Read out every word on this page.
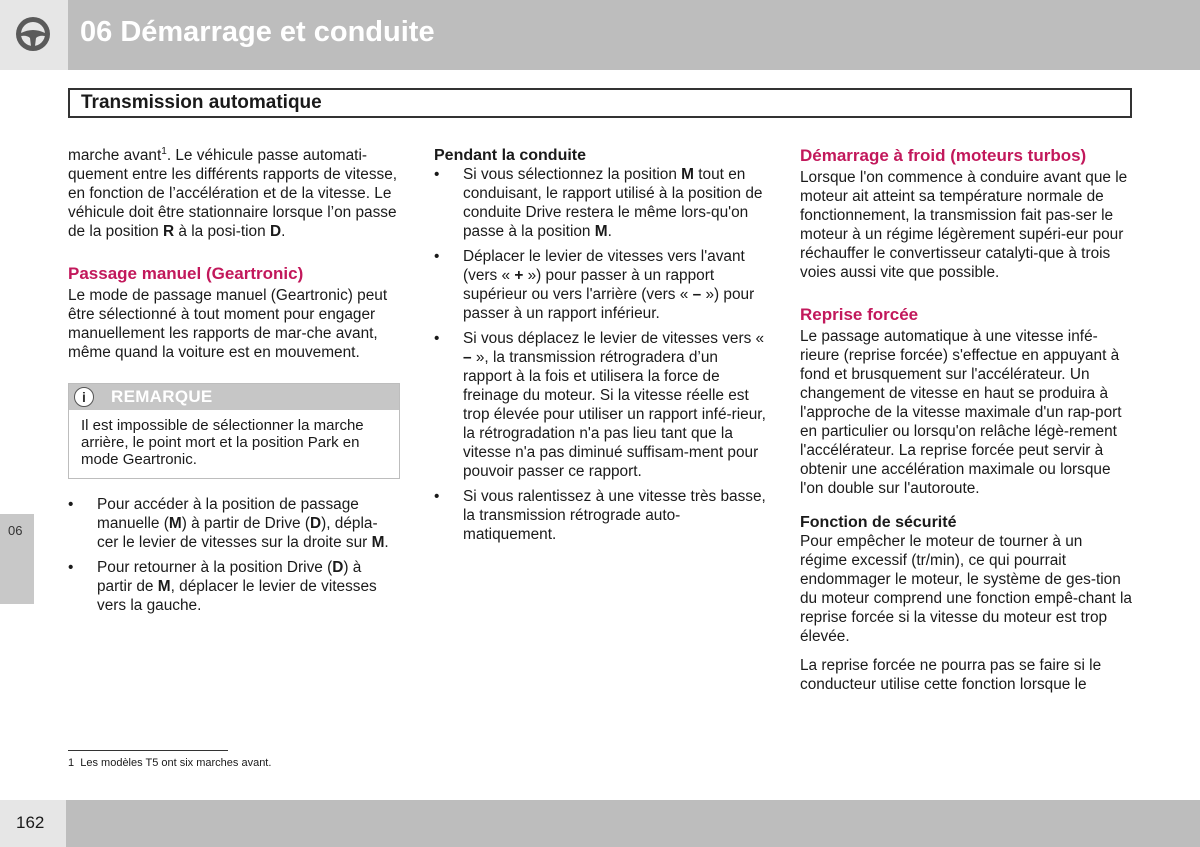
06 Démarrage et conduite
Transmission automatique

marche avant$^1$. Le véhicule passe automati- quement entre les différents rapports de vitesse, en fonction de l’accélération et de la vitesse. Le véhicule doit être stationnaire lorsque l’on passe de la position R à la posi-tion D.

Passage manuel (Geartronic)

Le mode de passage manuel (Geartronic) peut être sélectionné à tout moment pour engager manuellement les rapports de mar-che avant, même quand la voiture est en mouvement.

i	REMARQUE
Il est impossible de sélectionner la marche arrière, le point mort et la position Park en mode Geartronic.
• Pour accéder à la position de passage manuelle (M) à partir de Drive (D), dépla-cer le levier de vitesses sur la droite sur M.
• Pour retourner à la position Drive (D) à partir de M, déplacer le levier de vitesses vers la gauche.

Pendant la conduite

• Si vous sélectionnez la position M tout en conduisant, le rapport utilisé à la position de conduite Drive restera le même lors-qu'on passe à la position M.
• Déplacer le levier de vitesses vers l'avant (vers « + ») pour passer à un rapport supérieur ou vers l'arrière (vers « – ») pour passer à un rapport inférieur.
• Si vous déplacez le levier de vitesses vers « – », la transmission rétrogradera d’un rapport à la fois et utilisera la force de freinage du moteur. Si la vitesse réelle est trop élevée pour utiliser un rapport infé-rieur, la rétrogradation n'a pas lieu tant que la vitesse n'a pas diminué suffisam-ment pour pouvoir passer ce rapport.
• Si vous ralentissez à une vitesse très basse, la transmission rétrograde auto-matiquement.

Démarrage à froid (moteurs turbos)

Lorsque l'on commence à conduire avant que le moteur ait atteint sa température normale de fonctionnement, la transmission fait pas-ser le moteur à un régime légèrement supéri-eur pour réchauffer le convertisseur catalyti-que à trois voies aussi vite que possible.

Reprise forcée

Le passage automatique à une vitesse infé-rieure (reprise forcée) s'effectue en appuyant à fond et brusquement sur l'accélérateur. Un changement de vitesse en haut se produira à l'approche de la vitesse maximale d'un rap-port en particulier ou lorsqu'on relâche légè-rement l'accélérateur. La reprise forcée peut servir à obtenir une accélération maximale ou lorsque l'on double sur l'autoroute.

Fonction de sécurité

Pour empêcher le moteur de tourner à un régime excessif (tr/min), ce qui pourrait endommager le moteur, le système de ges-tion du moteur comprend une fonction empê-chant la reprise forcée si la vitesse du moteur est trop élevée.

La reprise forcée ne pourra pas se faire si le conducteur utilise cette fonction lorsque le

06
1 Les modèles T5 ont six marches avant.
162
